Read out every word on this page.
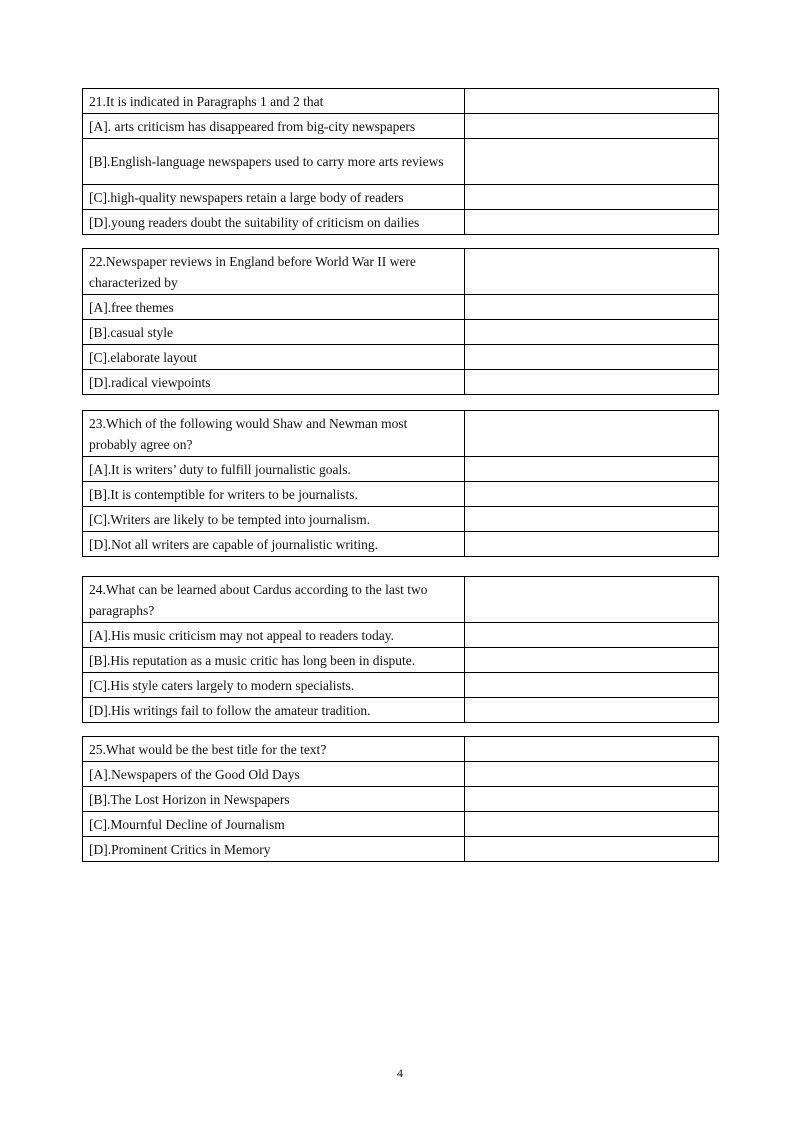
21.It is indicated in Paragraphs 1 and 2 that	
[A]. arts criticism has disappeared from big-city newspapers	
[B].English-language newspapers used to carry more arts reviews	
[C].high-quality newspapers retain a large body of readers	
[D].young readers doubt the suitability of criticism on dailies	
22.Newspaper reviews in England before World War II were characterized by	
[A].free themes	
[B].casual style	
[C].elaborate layout	
[D].radical viewpoints	
23.Which of the following would Shaw and Newman most probably agree on?	
[A].It is writers’ duty to fulfill journalistic goals.	
[B].It is contemptible for writers to be journalists.	
[C].Writers are likely to be tempted into journalism.	
[D].Not all writers are capable of journalistic writing.	
24.What can be learned about Cardus according to the last two paragraphs?	
[A].His music criticism may not appeal to readers today.	
[B].His reputation as a music critic has long been in dispute.	
[C].His style caters largely to modern specialists.	
[D].His writings fail to follow the amateur tradition.	
25.What would be the best title for the text?	
[A].Newspapers of the Good Old Days	
[B].The Lost Horizon in Newspapers	
[C].Mournful Decline of Journalism	
[D].Prominent Critics in Memory	
4
